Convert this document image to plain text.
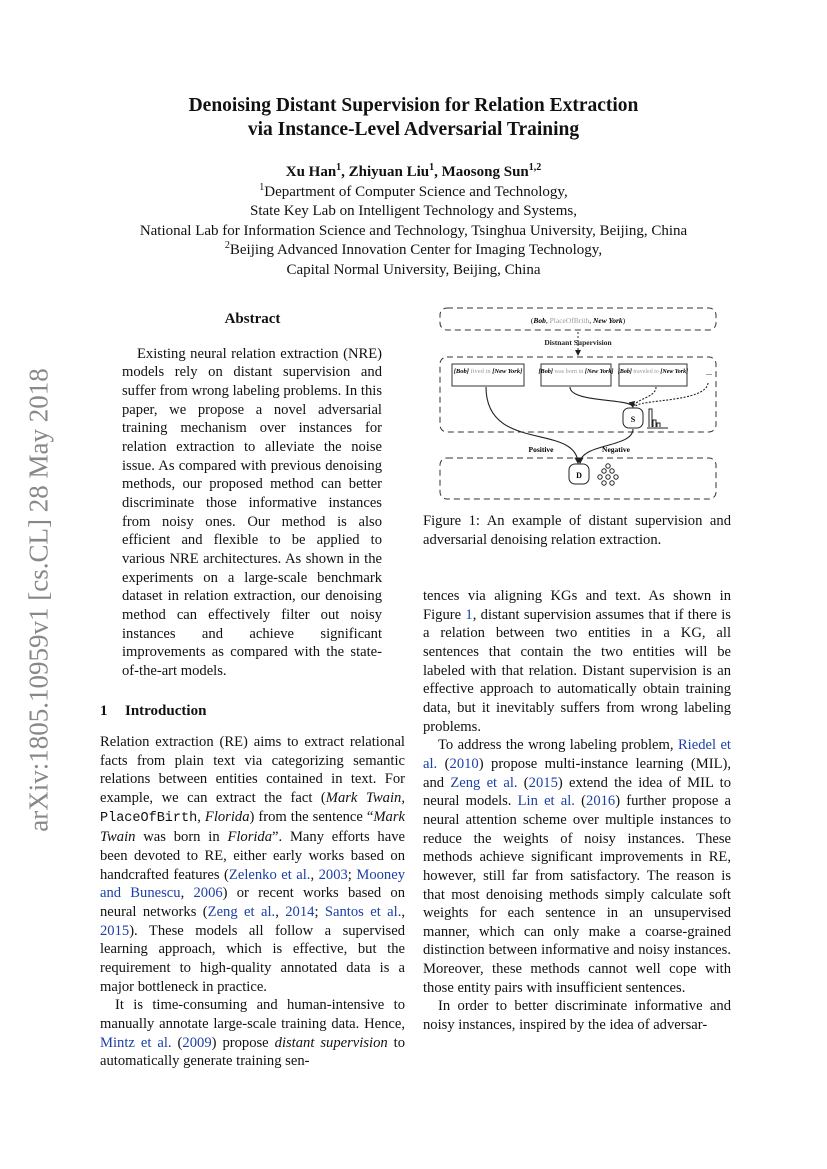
arXiv:1805.10959v1 [cs.CL] 28 May 2018
Denoising Distant Supervision for Relation Extraction
via Instance-Level Adversarial Training
Xu Han$^1$, Zhiyuan Liu$^1$, Maosong Sun$^{1,2}$
$^1$Department of Computer Science and Technology,
State Key Lab on Intelligent Technology and Systems,
National Lab for Information Science and Technology, Tsinghua University, Beijing, China
$^2$Beijing Advanced Innovation Center for Imaging Technology,
Capital Normal University, Beijing, China
Abstract

Existing neural relation extraction (NRE) models rely on distant supervision and suffer from wrong labeling problems. In this paper, we propose a novel adversarial training mechanism over instances for relation extraction to alleviate the noise issue. As compared with previous denoising methods, our proposed method can better discriminate those informative instances from noisy ones. Our method is also efficient and flexible to be applied to various NRE architectures. As shown in the experiments on a large-scale benchmark dataset in relation extraction, our denoising method can effectively filter out noisy instances and achieve significant improvements as compared with the state-of-the-art models.

1 Introduction

Relation extraction (RE) aims to extract relational facts from plain text via categorizing semantic relations between entities contained in text. For example, we can extract the fact (Mark Twain, PlaceOfBirth, Florida) from the sentence “Mark Twain was born in Florida”. Many efforts have been devoted to RE, either early works based on handcrafted features (Zelenko et al., 2003; Mooney and Bunescu, 2006) or recent works based on neural networks (Zeng et al., 2014; Santos et al., 2015). These models all follow a supervised learning approach, which is effective, but the requirement to high-quality annotated data is a major bottleneck in practice.

It is time-consuming and human-intensive to manually annotate large-scale training data. Hence, Mintz et al. (2009) propose distant supervision to automatically generate training sen-

(Bob, PlaceOfBrith, New York)
Distnant Supervision
[Bob] fived in [New York]	[Bob] was born in [New York] [Bob] traveled to [New York] ...
S
D
Positive	Negative
Figure 1: An example of distant supervision and adversarial denoising relation extraction.

tences via aligning KGs and text. As shown in Figure 1, distant supervision assumes that if there is a relation between two entities in a KG, all sentences that contain the two entities will be labeled with that relation. Distant supervision is an effective approach to automatically obtain training data, but it inevitably suffers from wrong labeling problems.

To address the wrong labeling problem, Riedel et al. (2010) propose multi-instance learning (MIL), and Zeng et al. (2015) extend the idea of MIL to neural models. Lin et al. (2016) further propose a neural attention scheme over multiple instances to reduce the weights of noisy instances. These methods achieve significant improvements in RE, however, still far from satisfactory. The reason is that most denoising methods simply calculate soft weights for each sentence in an unsupervised manner, which can only make a coarse-grained distinction between informative and noisy instances. Moreover, these methods cannot well cope with those entity pairs with insufficient sentences.

In order to better discriminate informative and noisy instances, inspired by the idea of adversar-
